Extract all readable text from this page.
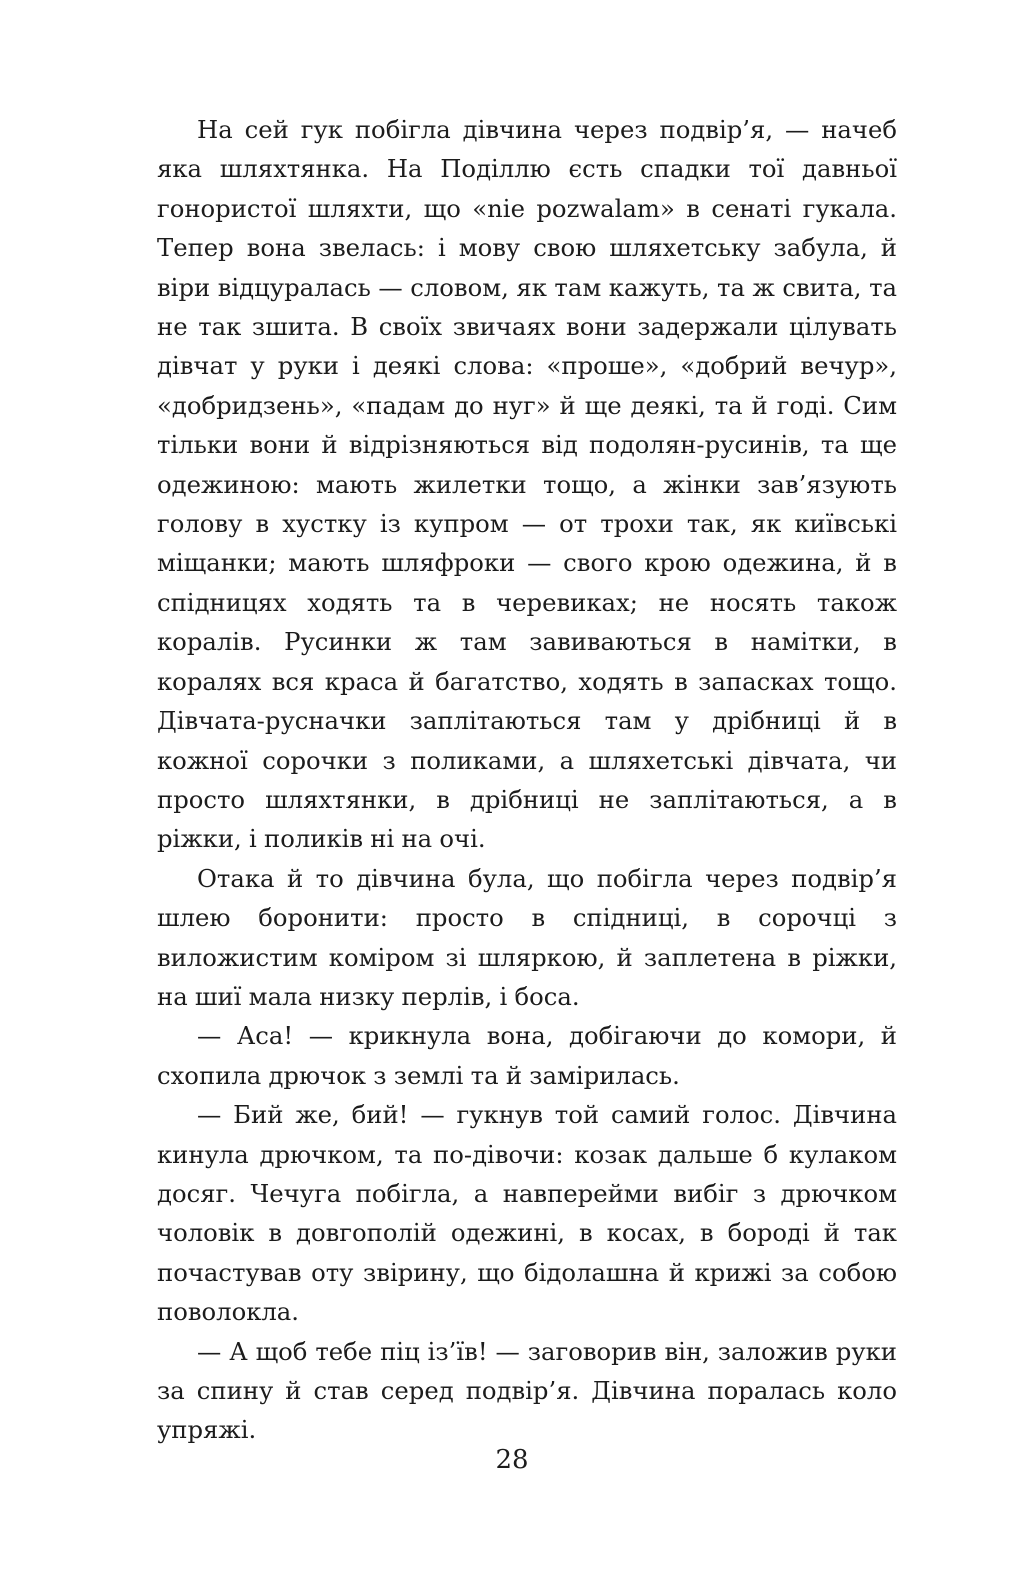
На сей гук побігла дівчина через подвір’я, — начеб яка шляхтянка. На Поділлю єсть спадки тої давньої гоноpистої шляхти, що «nie pozwalam» в сенаті гукала. Тепер вона звелась: і мову свою шляхетську забула, й віри відцуралась — словом, як там кажуть, та ж свита, та не так зшита. В своїх звичаях вони задержали цілувать дівчат у руки і деякі слова: «проше», «добрий вечур», «добридзень», «падам до нуг» й ще деякі, та й годі. Сим тільки вони й відрізняються від подолян-русинів, та ще одежиною: мають жилетки тощо, а жінки зав’язують голову в хустку із купром — от трохи так, як київські міщанки; мають шляфроки — свого крою одежина, й в спідницях ходять та в черевиках; не носять також коралів. Русинки ж там завиваються в намітки, в коралях вся краса й багатство, ходять в запасках тощо. Дівчата-русначки заплітаються там у дрібниці й в кожної сорочки з поликами, а шляхетські дівчата, чи просто шляхтянки, в дрібниці не заплітаються, а в ріжки, і поликів ні на очі.

Отака й то дівчина була, що побігла через подвір’я шлею боронити: просто в спідниці, в сорочці з виложистим коміром зі шляркою, й заплетена в ріжки, на шиї мала низку перлів, і боса.

— Аса! — крикнула вона, добігаючи до комори, й схопила дрючок з землі та й замірилась.

— Бий же, бий! — гукнув той самий голос. Дівчина кинула дрючком, та по-дівочи: козак дальше б кулаком досяг. Чечуга побігла, а навперейми вибіг з дрючком чоловік в довгополій одежині, в косах, в бороді й так почастував оту звірину, що бідолашна й крижі за собою поволокла.

— А щоб тебе піц із’їв! — заговорив він, заложив руки за спину й став серед подвір’я. Дівчина поралась коло упряжі.

28
